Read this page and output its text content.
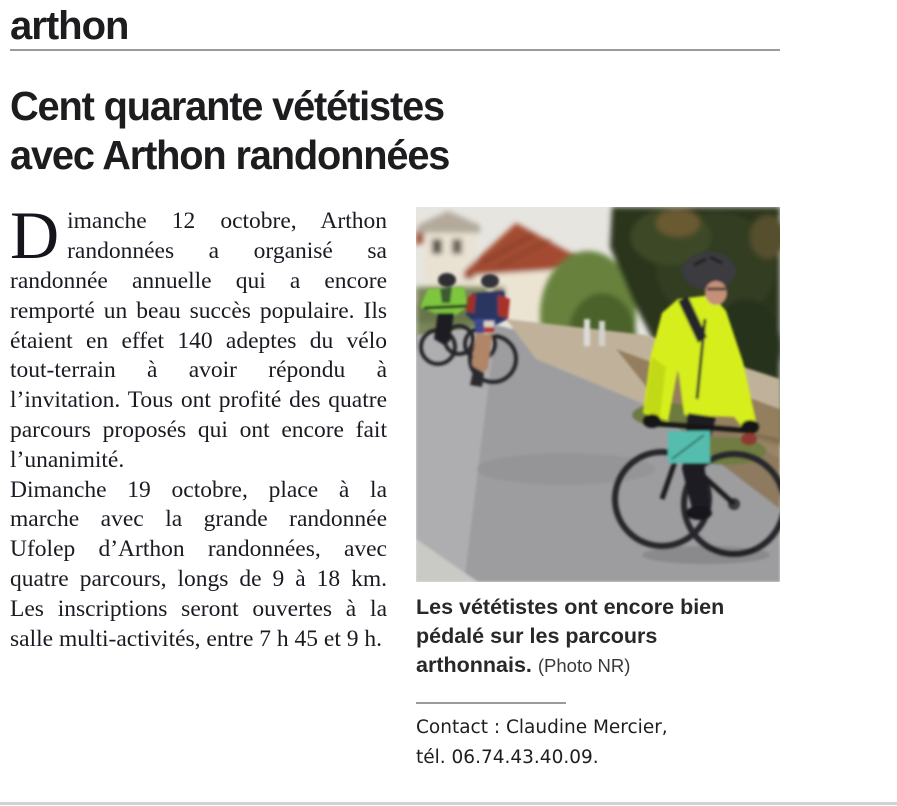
arthon
Cent quarante vététistes
avec Arthon randonnées

Dimanche 12 octobre, Arthon randonnées a organisé sa randonnée annuelle qui a encore remporté un beau succès populaire. Ils étaient en effet 140 adeptes du vélo tout-terrain à avoir répondu à l’invitation. Tous ont profité des quatre parcours proposés qui ont encore fait l’unanimité.

Dimanche 19 octobre, place à la marche avec la grande randonnée Ufolep d’Arthon randonnées, avec quatre parcours, longs de 9 à 18 km. Les inscriptions seront ouvertes à la salle multi-activités, entre 7 h 45 et 9 h.

Les vététistes ont encore bien pédalé sur les parcours arthonnais. (Photo NR)

Contact : Claudine Mercier,
tél. 06.74.43.40.09.
